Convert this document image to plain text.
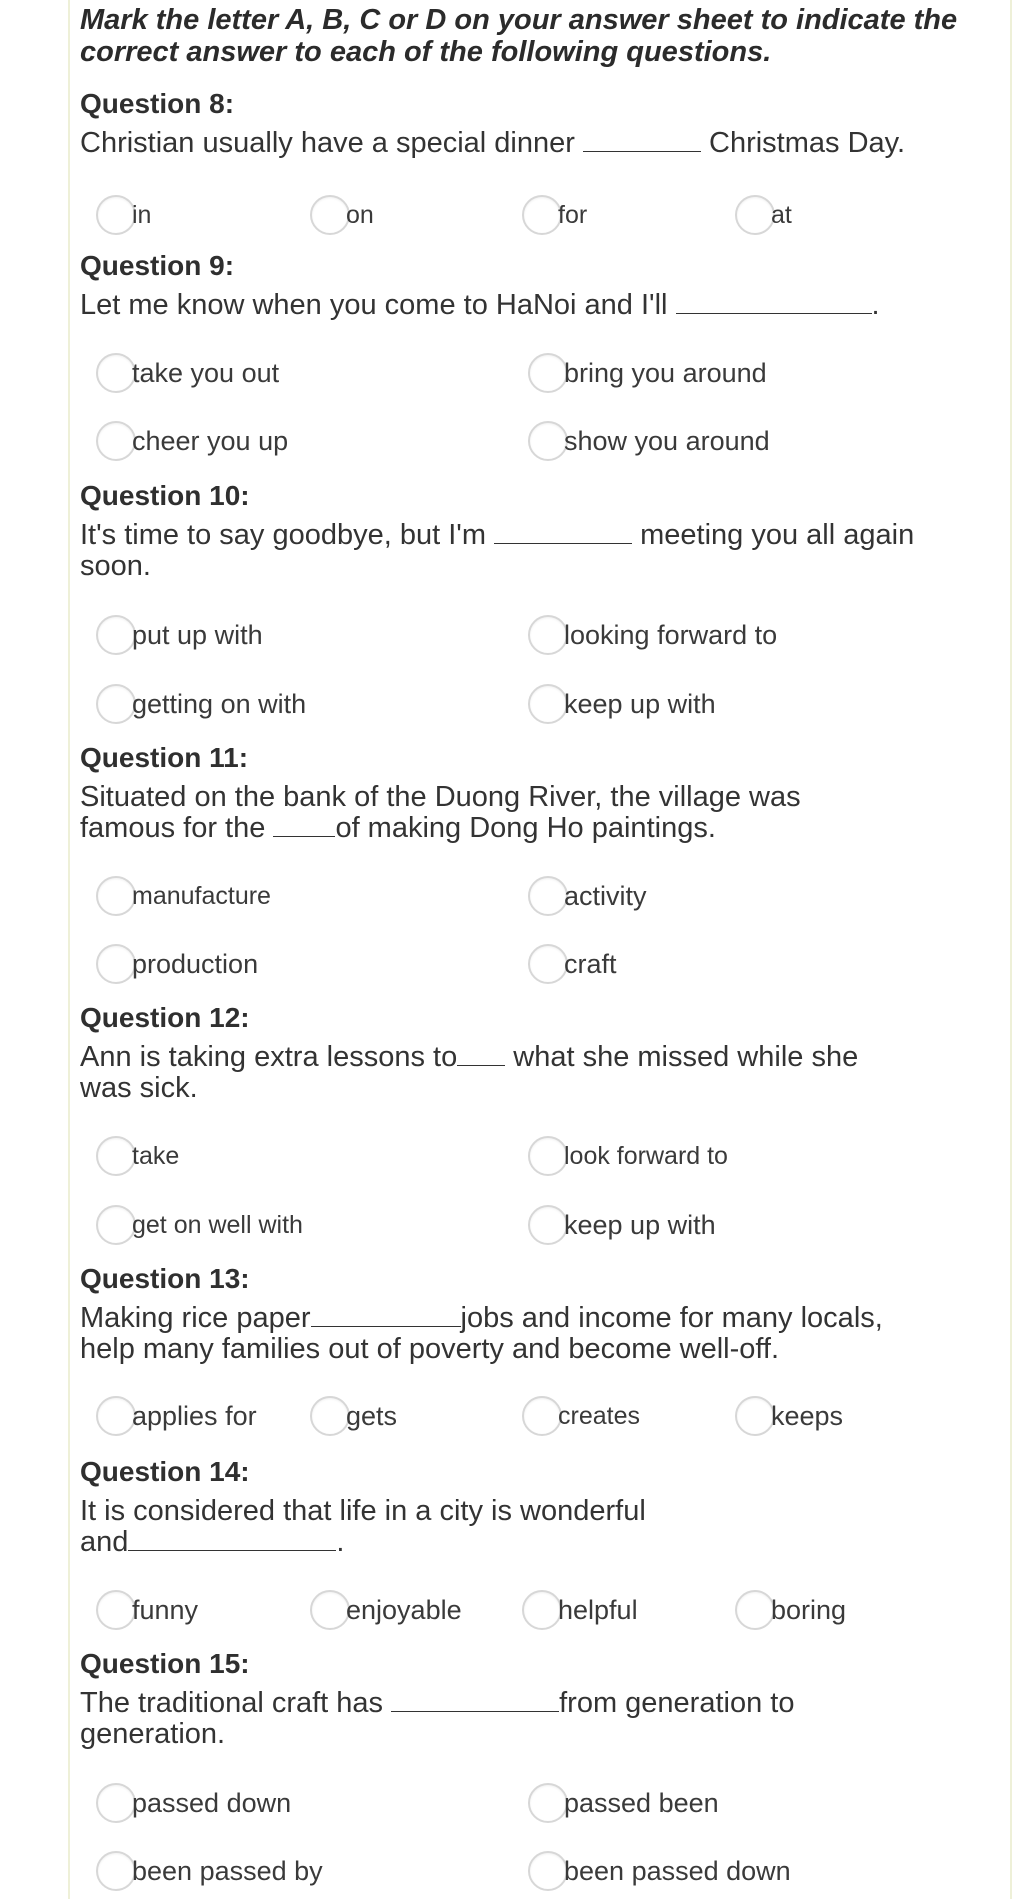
Mark the letter A, B, C or D on your answer sheet to indicate the correct answer to each of the following questions.
Question 8:
Christian usually have a special dinner	Christmas Day.
in	on	for	at
Question 9:
Let me know when you come to HaNoi and I'll	.
take you out	bring you around
cheer you up	show you around
Question 10:
It's time to say goodbye, but I'm	meeting you all again
soon.
put up with	looking forward to
getting on with	keep up with
Question 11:
Situated on the bank of the Duong River, the village was
famous for the of making Dong Ho paintings.
manufacture	activity
production	craft
Question 12:
Ann is taking extra lessons to what she missed while she
was sick.
take	look forward to
get on well with	keep up with
Question 13:
Making rice paper	jobs and income for many locals,
help many families out of poverty and become well-off.
applies for	gets	creates	keeps
Question 14:
It is considered that life in a city is wonderful
and	.
funny	enjoyable	helpful	boring
Question 15:
The traditional craft has	from generation to
generation.
passed down	passed been
been passed by	been passed down
